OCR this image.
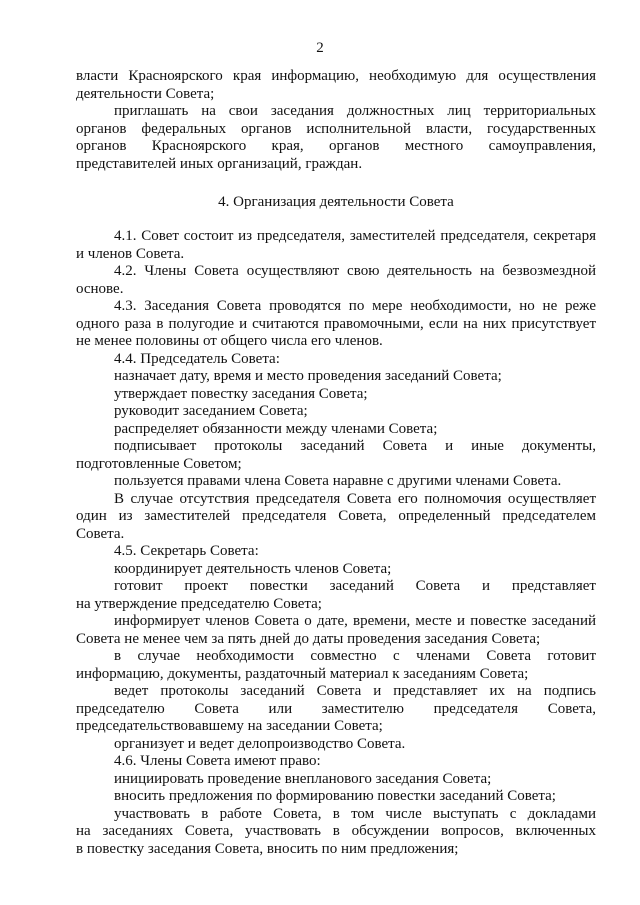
2
власти Красноярского края информацию, необходимую для осуществления
деятельности Совета;
приглашать на свои заседания должностных лиц территориальных
органов федеральных органов исполнительной власти, государственных
органов Красноярского края, органов местного самоуправления,
представителей иных организаций, граждан.
4. Организация деятельности Совета
4.1. Совет состоит из председателя, заместителей председателя, секретаря
и членов Совета.
4.2. Члены Совета осуществляют свою деятельность на безвозмездной
основе.
4.3. Заседания Совета проводятся по мере необходимости, но не реже
одного раза в полугодие и считаются правомочными, если на них присутствует
не менее половины от общего числа его членов.
4.4. Председатель Совета:
назначает дату, время и место проведения заседаний Совета;
утверждает повестку заседания Совета;
руководит заседанием Совета;
распределяет обязанности между членами Совета;
подписывает протоколы заседаний Совета и иные документы,
подготовленные Советом;
пользуется правами члена Совета наравне с другими членами Совета.
В случае отсутствия председателя Совета его полномочия осуществляет
один из заместителей председателя Совета, определенный председателем
Совета.
4.5. Секретарь Совета:
координирует деятельность членов Совета;
готовит проект повестки заседаний Совета и представляет
на утверждение председателю Совета;
информирует членов Совета о дате, времени, месте и повестке заседаний
Совета не менее чем за пять дней до даты проведения заседания Совета;
в случае необходимости совместно с членами Совета готовит
информацию, документы, раздаточный материал к заседаниям Совета;
ведет протоколы заседаний Совета и представляет их на подпись
председателю Совета или заместителю председателя Совета,
председательствовавшему на заседании Совета;
организует и ведет делопроизводство Совета.
4.6. Члены Совета имеют право:
инициировать проведение внепланового заседания Совета;
вносить предложения по формированию повестки заседаний Совета;
участвовать в работе Совета, в том числе выступать с докладами
на заседаниях Совета, участвовать в обсуждении вопросов, включенных
в повестку заседания Совета, вносить по ним предложения;
